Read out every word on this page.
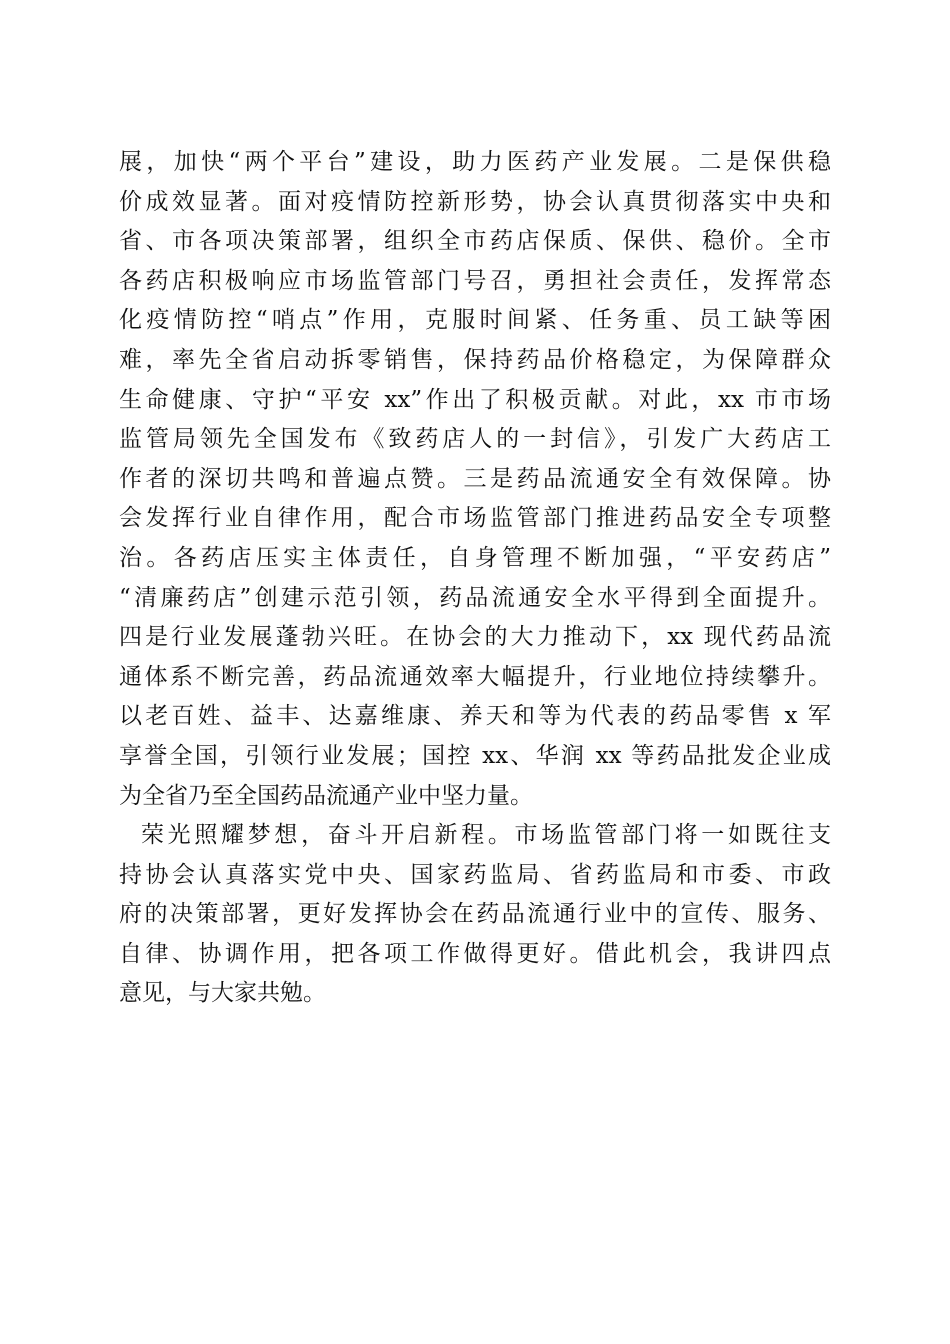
展，加快“两个平台”建设，助力医药产业发展。二是保供稳
价成效显著。面对疫情防控新形势，协会认真贯彻落实中央和
省、市各项决策部署，组织全市药店保质、保供、稳价。全市
各药店积极响应市场监管部门号召，勇担社会责任，发挥常态
化疫情防控“哨点”作用，克服时间紧、任务重、员工缺等困
难，率先全省启动拆零销售，保持药品价格稳定，为保障群众
生命健康、守护“平安 xx”作出了积极贡献。对此，xx 市市场
监管局领先全国发布《致药店人的一封信》，引发广大药店工
作者的深切共鸣和普遍点赞。三是药品流通安全有效保障。协
会发挥行业自律作用，配合市场监管部门推进药品安全专项整
治。各药店压实主体责任，自身管理不断加强，“平安药店”
“清廉药店”创建示范引领，药品流通安全水平得到全面提升。
四是行业发展蓬勃兴旺。在协会的大力推动下，xx 现代药品流
通体系不断完善，药品流通效率大幅提升，行业地位持续攀升。
以老百姓、益丰、达嘉维康、养天和等为代表的药品零售 x 军
享誉全国，引领行业发展；国控 xx、华润 xx 等药品批发企业成
为全省乃至全国药品流通产业中坚力量。
荣光照耀梦想，奋斗开启新程。市场监管部门将一如既往支
持协会认真落实党中央、国家药监局、省药监局和市委、市政
府的决策部署，更好发挥协会在药品流通行业中的宣传、服务、
自律、协调作用，把各项工作做得更好。借此机会，我讲四点
意见，与大家共勉。
